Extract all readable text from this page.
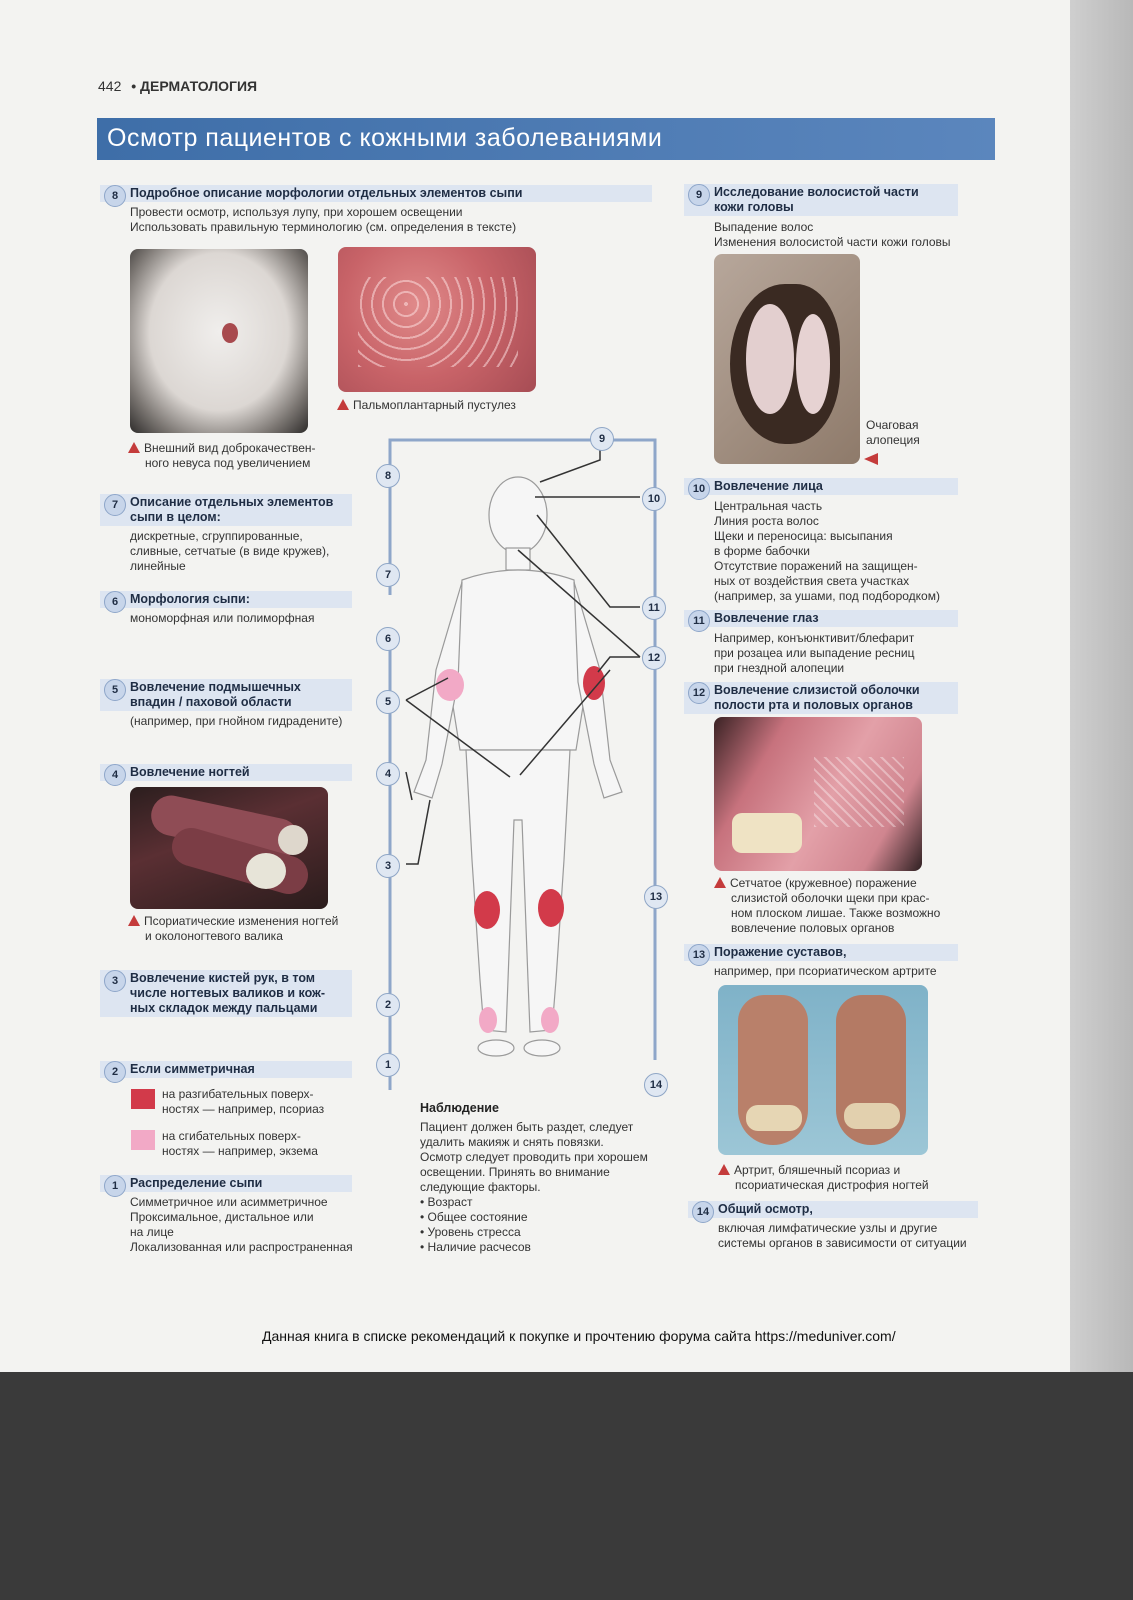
442 • ДЕРМАТОЛОГИЯ
Осмотр пациентов с кожными заболеваниями
8 Подробное описание морфологии отдельных элементов сыпи
Провести осмотр, используя лупу, при хорошем освещении
Использовать правильную терминологию (см. определения в тексте)
Пальмоплантарный пустулез
Внешний вид доброкачествен-
ного невуса под увеличением
9 Исследование волосистой части
кожи головы
Выпадение волос
Изменения волосистой части кожи головы
Очаговая
алопеция
7 Описание отдельных элементов
сыпи в целом:
дискретные, сгруппированные,
сливные, сетчатые (в виде кружев),
линейные
6 Морфология сыпи:
мономорфная или полиморфная
5 Вовлечение подмышечных
впадин / паховой области
(например, при гнойном гидрадените)
4 Вовлечение ногтей
Псориатические изменения ногтей
и околоногтевого валика
3 Вовлечение кистей рук, в том
числе ногтевых валиков и кож-
ных складок между пальцами
2 Если симметричная
на разгибательных поверх-
ностях — например, псориаз
на сгибательных поверх-
ностях — например, экзема
1 Распределение сыпи
Симметричное или асимметричное
Проксимальное, дистальное или
на лице
Локализованная или распространенная
9
8
10
7
11
6
12
5
4
3
13
2
1
14
Наблюдение
Пациент должен быть раздет, следует
удалить макияж и снять повязки.
Осмотр следует проводить при хорошем
освещении. Принять во внимание
следующие факторы.
• Возраст
• Общее состояние
• Уровень стресса
• Наличие расчесов
10 Вовлечение лица
Центральная часть
Линия роста волос
Щеки и переносица: высыпания
в форме бабочки
Отсутствие поражений на защищен-
ных от воздействия света участках
(например, за ушами, под подбородком)
11 Вовлечение глаз
Например, конъюнктивит/блефарит
при розацеа или выпадение ресниц
при гнездной алопеции
12 Вовлечение слизистой оболочки
полости рта и половых органов
Сетчатое (кружевное) поражение
слизистой оболочки щеки при крас-
ном плоском лишае. Также возможно
вовлечение половых органов
13 Поражение суставов,
например, при псориатическом артрите
Артрит, бляшечный псориаз и
псориатическая дистрофия ногтей
14 Общий осмотр,
включая лимфатические узлы и другие
системы органов в зависимости от ситуации
Данная книга в списке рекомендаций к покупке и прочтению форума сайта https://meduniver.com/
